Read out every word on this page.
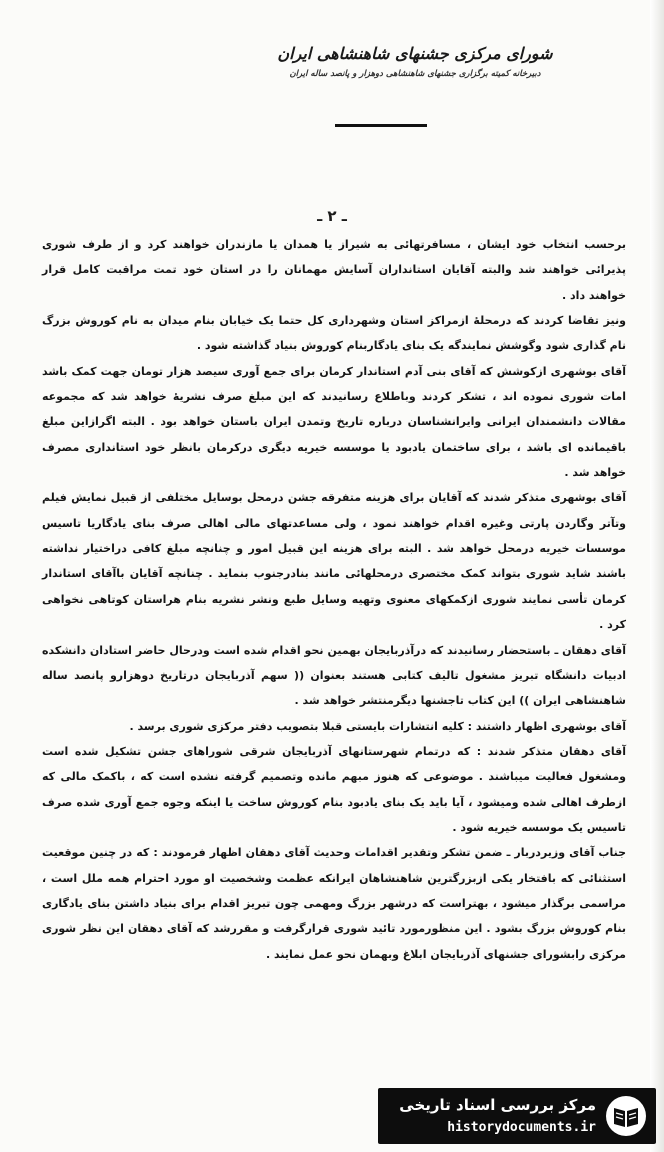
شورای مرکزی جشنهای شاهنشاهی ایران
دبیرخانه کمیته برگزاری جشنهای شاهنشاهی دوهزار و پانصد ساله ایران
ـ ۲ ـ

برحسب انتخاب خود ایشان ، مسافرتهائی به شیراز یا همدان یا مازندران خواهند کرد و از طرف شوری پذیرائی خواهند شد والبته آقایان استانداران آسایش مهمانان را در استان خود تمت مراقبت کامل قرار خواهند داد .

ونیز تقاضا کردند که درمحلهٔ ازمراکز استان وشهرداری کل حتما یک خیابان بنام میدان به نام کوروش بزرگ نام گذاری شود وگوشش نمایندگه یک بنای یادگاربنام کوروش بنیاد گذاشته شود .

آقای بوشهری ازکوشش که آقای بنی آدم استاندار کرمان برای جمع آوری سیصد هزار تومان جهت کمک باشد امات شوری نموده اند ، تشکر کردند وباطلاع رسانیدند که این مبلغ صرف نشریهٔ خواهد شد که مجموعه مقالات دانشمندان ایرانی وایرانشناسان درباره تاریخ وتمدن ایران باستان خواهد بود . البته اگرازاین مبلغ باقیمانده ای باشد ، برای ساختمان یادبود یا موسسه خیریه دیگری درکرمان بانظر خود استانداری مصرف خواهد شد .

آقای بوشهری متذکر شدند که آقایان برای هزینه متفرقه جشن درمحل بوسایل مختلفی از قبیل نمایش فیلم وتآتر وگاردن پارتی وغیره اقدام خواهند نمود ، ولی مساعدتهای مالی اهالی صرف بنای یادگاریا تاسیس موسسات خیریه درمحل خواهد شد . البته برای هزینه این قبیل امور و چنانچه مبلغ کافی دراختیار نداشته باشند شاید شوری بتواند کمک مختصری درمحلهائی مانند بنادرجنوب بنماید . چنانچه آقایان باآقای استاندار کرمان تأسی نمایند شوری ازکمکهای معنوی وتهیه وسایل طبع ونشر نشریه بنام هراستان کوتاهی نخواهی کرد .

آقای دهقان ـ باستحضار رسانیدند که درآذربایجان بهمین نحو اقدام شده است ودرحال حاضر استادان دانشکده ادبیات دانشگاه تبریز مشغول تالیف کتابی هستند بعنوان (( سهم آذربایجان درتاریخ دوهزارو پانصد ساله شاهنشاهی ایران )) این کتاب تاجشنها دیگرمنتشر خواهد شد .

آقای بوشهری اظهار داشتند : کلیه انتشارات بایستی قبلا بتصویب دفتر مرکزی شوری برسد .

آقای دهقان متذکر شدند : که درتمام شهرستانهای آذربایجان شرقی شوراهای جشن تشکیل شده است ومشغول فعالیت میباشند . موضوعی که هنوز مبهم مانده وتصمیم گرفته نشده است که ، باکمک مالی که ازطرف اهالی شده ومیشود ، آیا باید یک بنای یادبود بنام کوروش ساخت یا اینکه وجوه جمع آوری شده صرف تاسیس یک موسسه خیریه شود .

جناب آقای وزیردربار ـ ضمن تشکر وتقدیر اقدامات وحدیث آقای دهقان اظهار فرمودند : که در چنین موقعیت استثنائی که بافتخار یکی ازبزرگترین شاهنشاهان ایرانکه عظمت وشخصیت او مورد احترام همه ملل است ، مراسمی برگذار میشود ، بهتراست که درشهر بزرگ ومهمی چون تبریز اقدام برای بنیاد داشتن بنای یادگاری بنام کوروش بزرگ بشود . این منظورمورد تائید شوری قرارگرفت و مقررشد که آقای دهقان این نظر شوری مرکزی رابشورای جشنهای آذربایجان ابلاغ وبهمان نحو عمل نمایند .

مرکز بررسی اسناد تاریخی
historydocuments.ir
